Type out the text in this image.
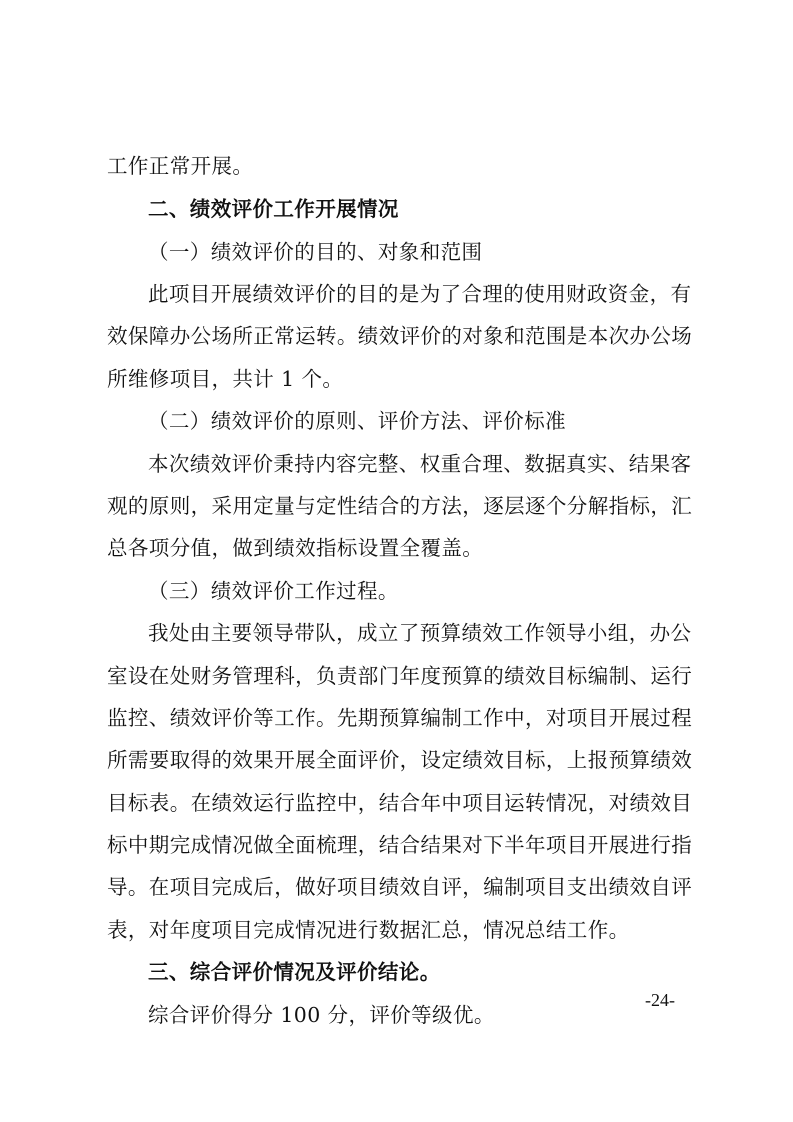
工作正常开展。
二、绩效评价工作开展情况
（一）绩效评价的目的、对象和范围
此项目开展绩效评价的目的是为了合理的使用财政资金，有
效保障办公场所正常运转。绩效评价的对象和范围是本次办公场
所维修项目，共计 1 个。
（二）绩效评价的原则、评价方法、评价标准
本次绩效评价秉持内容完整、权重合理、数据真实、结果客
观的原则，采用定量与定性结合的方法，逐层逐个分解指标，汇
总各项分值，做到绩效指标设置全覆盖。
（三）绩效评价工作过程。
我处由主要领导带队，成立了预算绩效工作领导小组，办公
室设在处财务管理科，负责部门年度预算的绩效目标编制、运行
监控、绩效评价等工作。先期预算编制工作中，对项目开展过程
所需要取得的效果开展全面评价，设定绩效目标，上报预算绩效
目标表。在绩效运行监控中，结合年中项目运转情况，对绩效目
标中期完成情况做全面梳理，结合结果对下半年项目开展进行指
导。在项目完成后，做好项目绩效自评，编制项目支出绩效自评
表，对年度项目完成情况进行数据汇总，情况总结工作。
三、综合评价情况及评价结论。
综合评价得分 100 分，评价等级优。
-24-
